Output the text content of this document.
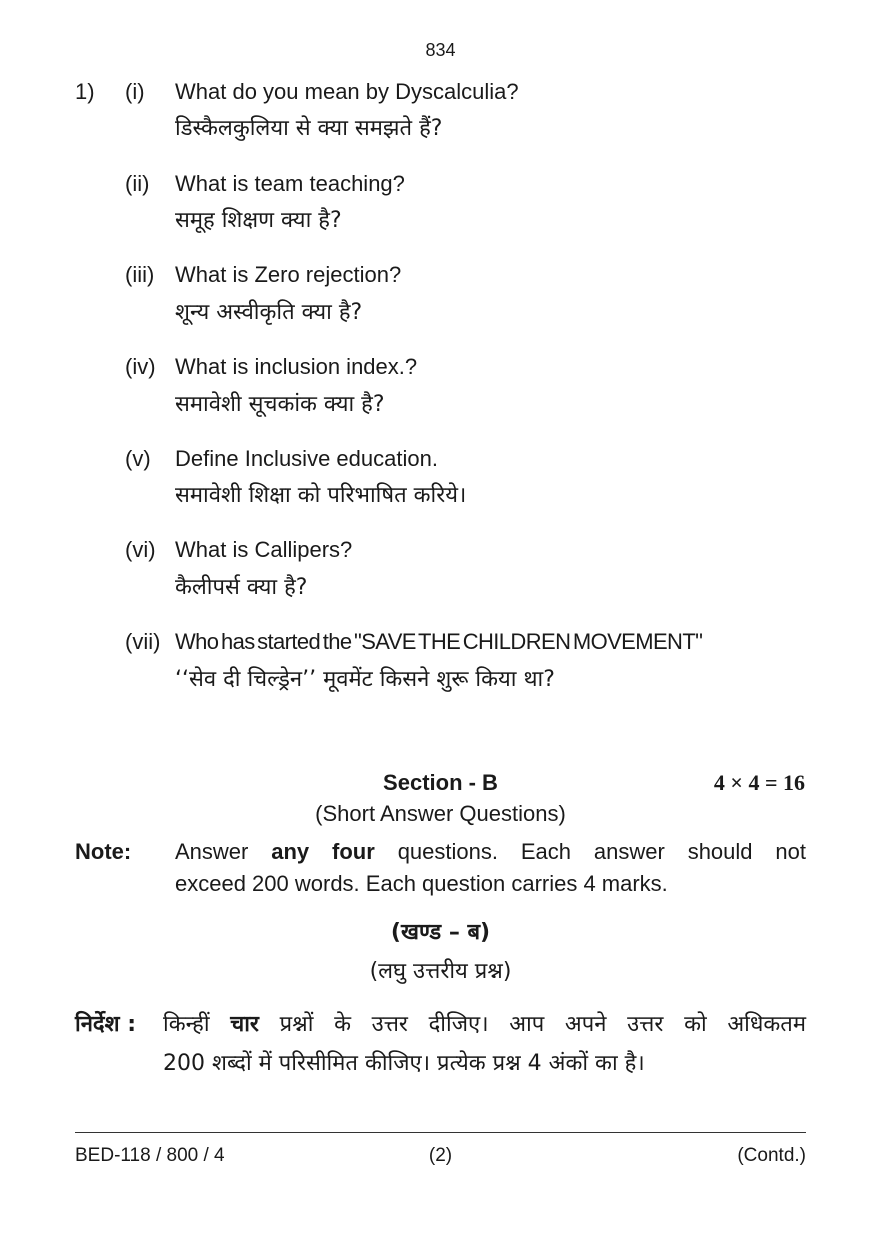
834
1) (i) What do you mean by Dyscalculia?
डिस्कैलकुलिया से क्या समझते हैं?
(ii) What is team teaching?
समूह शिक्षण क्या है?
(iii) What is Zero rejection?
शून्य अस्वीकृति क्या है?
(iv) What is inclusion index.?
समावेशी सूचकांक क्या है?
(v) Define Inclusive education.
समावेशी शिक्षा को परिभाषित करिये।
(vi) What is Callipers?
कैलीपर्स क्या है?
(vii) Who has started the "SAVE THE CHILDREN MOVEMENT"
‘‘सेव दी चिल्ड्रेन’’ मूवमेंट किसने शुरू किया था?
Section - B	4 × 4 = 16
(Short Answer Questions)
Note: Answer any four questions. Each answer should not
exceed 200 words. Each question carries 4 marks.
(खण्ड – ब)
(लघु उत्तरीय प्रश्न)
निर्देश : किन्हीं चार प्रश्नों के उत्तर दीजिए। आप अपने उत्तर को अधिकतम
200 शब्दों में परिसीमित कीजिए। प्रत्येक प्रश्न 4 अंकों का है।
BED-118 / 800 / 4	(2)	(Contd.)
